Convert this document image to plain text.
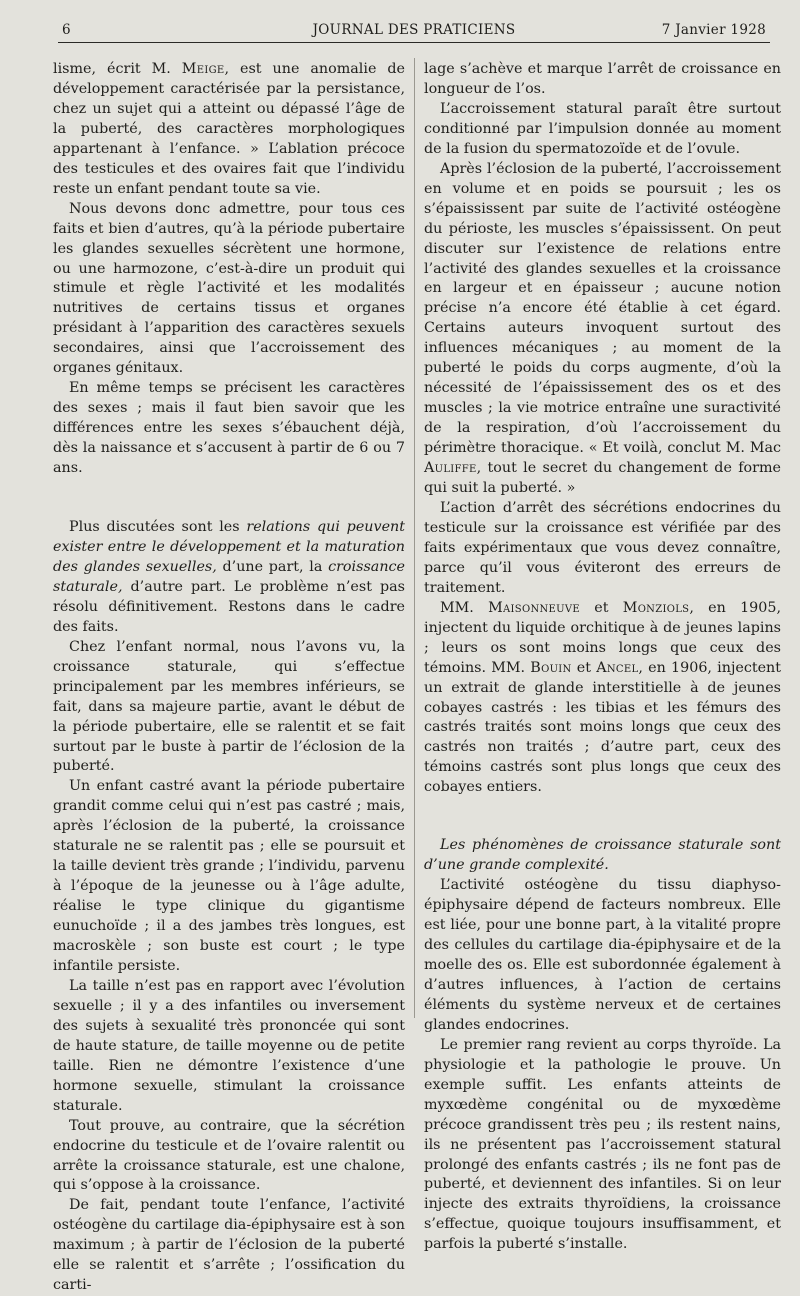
6	JOURNAL DES PRATICIENS	7 Janvier 1928

lisme, écrit M. Meige, est une anomalie de développement caractérisée par la persistance, chez un sujet qui a atteint ou dépassé l’âge de la puberté, des caractères morphologiques appartenant à l’enfance. » L’ablation précoce des testicules et des ovaires fait que l’individu reste un enfant pendant toute sa vie.

Nous devons donc admettre, pour tous ces faits et bien d’autres, qu’à la période pubertaire les glandes sexuelles sécrètent une hormone, ou une harmozone, c’est-à-dire un produit qui stimule et règle l’activité et les modalités nutritives de certains tissus et organes présidant à l’apparition des caractères sexuels secondaires, ainsi que l’accroissement des organes génitaux.

En même temps se précisent les caractères des sexes ; mais il faut bien savoir que les différences entre les sexes s’ébauchent déjà, dès la naissance et s’accusent à partir de 6 ou 7 ans.

Plus discutées sont les relations qui peuvent exister entre le développement et la maturation des glandes sexuelles, d’une part, la croissance staturale, d’autre part. Le problème n’est pas résolu définitivement. Restons dans le cadre des faits.

Chez l’enfant normal, nous l’avons vu, la croissance staturale, qui s’effectue principalement par les membres inférieurs, se fait, dans sa majeure partie, avant le début de la période pubertaire, elle se ralentit et se fait surtout par le buste à partir de l’éclosion de la puberté.

Un enfant castré avant la période pubertaire grandit comme celui qui n’est pas castré ; mais, après l’éclosion de la puberté, la croissance staturale ne se ralentit pas ; elle se poursuit et la taille devient très grande ; l’individu, parvenu à l’époque de la jeunesse ou à l’âge adulte, réalise le type clinique du gigantisme eunuchoïde ; il a des jambes très longues, est macroskèle ; son buste est court ; le type infantile persiste.

La taille n’est pas en rapport avec l’évolution sexuelle ; il y a des infantiles ou inversement des sujets à sexualité très prononcée qui sont de haute stature, de taille moyenne ou de petite taille. Rien ne démontre l’existence d’une hormone sexuelle, stimulant la croissance staturale.

Tout prouve, au contraire, que la sécrétion endocrine du testicule et de l’ovaire ralentit ou arrête la croissance staturale, est une chalone, qui s’oppose à la croissance.

De fait, pendant toute l’enfance, l’activité ostéogène du cartilage dia-épiphysaire est à son maximum ; à partir de l’éclosion de la puberté elle se ralentit et s’arrête ; l’ossification du carti-

lage s’achève et marque l’arrêt de croissance en longueur de l’os.

L’accroissement statural paraît être surtout conditionné par l’impulsion donnée au moment de la fusion du spermatozoïde et de l’ovule.

Après l’éclosion de la puberté, l’accroissement en volume et en poids se poursuit ; les os s’épaississent par suite de l’activité ostéogène du périoste, les muscles s’épaississent. On peut discuter sur l’existence de relations entre l’activité des glandes sexuelles et la croissance en largeur et en épaisseur ; aucune notion précise n’a encore été établie à cet égard. Certains auteurs invoquent surtout des influences mécaniques ; au moment de la puberté le poids du corps augmente, d’où la nécessité de l’épaississement des os et des muscles ; la vie motrice entraîne une suractivité de la respiration, d’où l’accroissement du périmètre thoracique. « Et voilà, conclut M. Mac Auliffe, tout le secret du changement de forme qui suit la puberté. »

L’action d’arrêt des sécrétions endocrines du testicule sur la croissance est vérifiée par des faits expérimentaux que vous devez connaître, parce qu’il vous éviteront des erreurs de traitement.

MM. Maisonneuve et Monziols, en 1905, injectent du liquide orchitique à de jeunes lapins ; leurs os sont moins longs que ceux des témoins. MM. Bouin et Ancel, en 1906, injectent un extrait de glande interstitielle à de jeunes cobayes castrés : les tibias et les fémurs des castrés traités sont moins longs que ceux des castrés non traités ; d’autre part, ceux des témoins castrés sont plus longs que ceux des cobayes entiers.

Les phénomènes de croissance staturale sont d’une grande complexité.

L’activité ostéogène du tissu diaphyso-épiphysaire dépend de facteurs nombreux. Elle est liée, pour une bonne part, à la vitalité propre des cellules du cartilage dia-épiphysaire et de la moelle des os. Elle est subordonnée également à d’autres influences, à l’action de certains éléments du système nerveux et de certaines glandes endocrines.

Le premier rang revient au corps thyroïde. La physiologie et la pathologie le prouve. Un exemple suffit. Les enfants atteints de myxœdème congénital ou de myxœdème précoce grandissent très peu ; ils restent nains, ils ne présentent pas l’accroissement statural prolongé des enfants castrés ; ils ne font pas de puberté, et deviennent des infantiles. Si on leur injecte des extraits thyroïdiens, la croissance s’effectue, quoique toujours insuffisamment, et parfois la puberté s’installe.
